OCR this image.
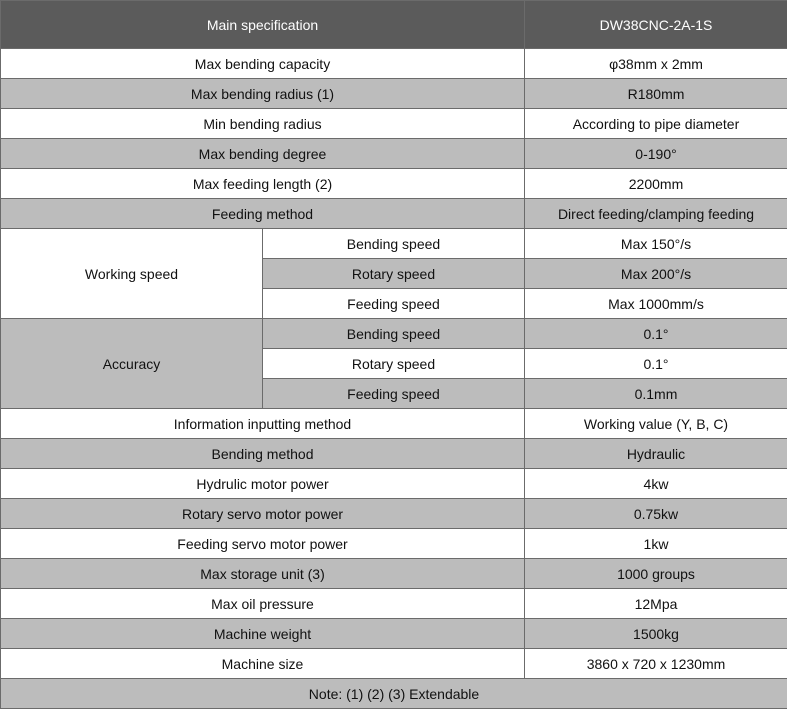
Main specification		DW38CNC-2A-1S
Max bending capacity		φ38mm x 2mm
Max bending radius (1)		R180mm
Min bending radius		According to pipe diameter
Max bending degree		0-190°
Max feeding length (2)		2200mm
Feeding method		Direct feeding/clamping feeding
Working speed	Bending speed	Max 150°/s
	Rotary speed	Max 200°/s
	Feeding speed	Max 1000mm/s
Accuracy	Bending speed	0.1°
	Rotary speed	0.1°
	Feeding speed	0.1mm
Information inputting method		Working value (Y, B, C)
Bending method		Hydraulic
Hydrulic motor power		4kw
Rotary servo motor power		0.75kw
Feeding servo motor power		1kw
Max storage unit (3)		1000 groups
Max oil pressure		12Mpa
Machine weight		1500kg
Machine size		3860 x 720 x 1230mm
Note: (1) (2) (3) Extendable		
